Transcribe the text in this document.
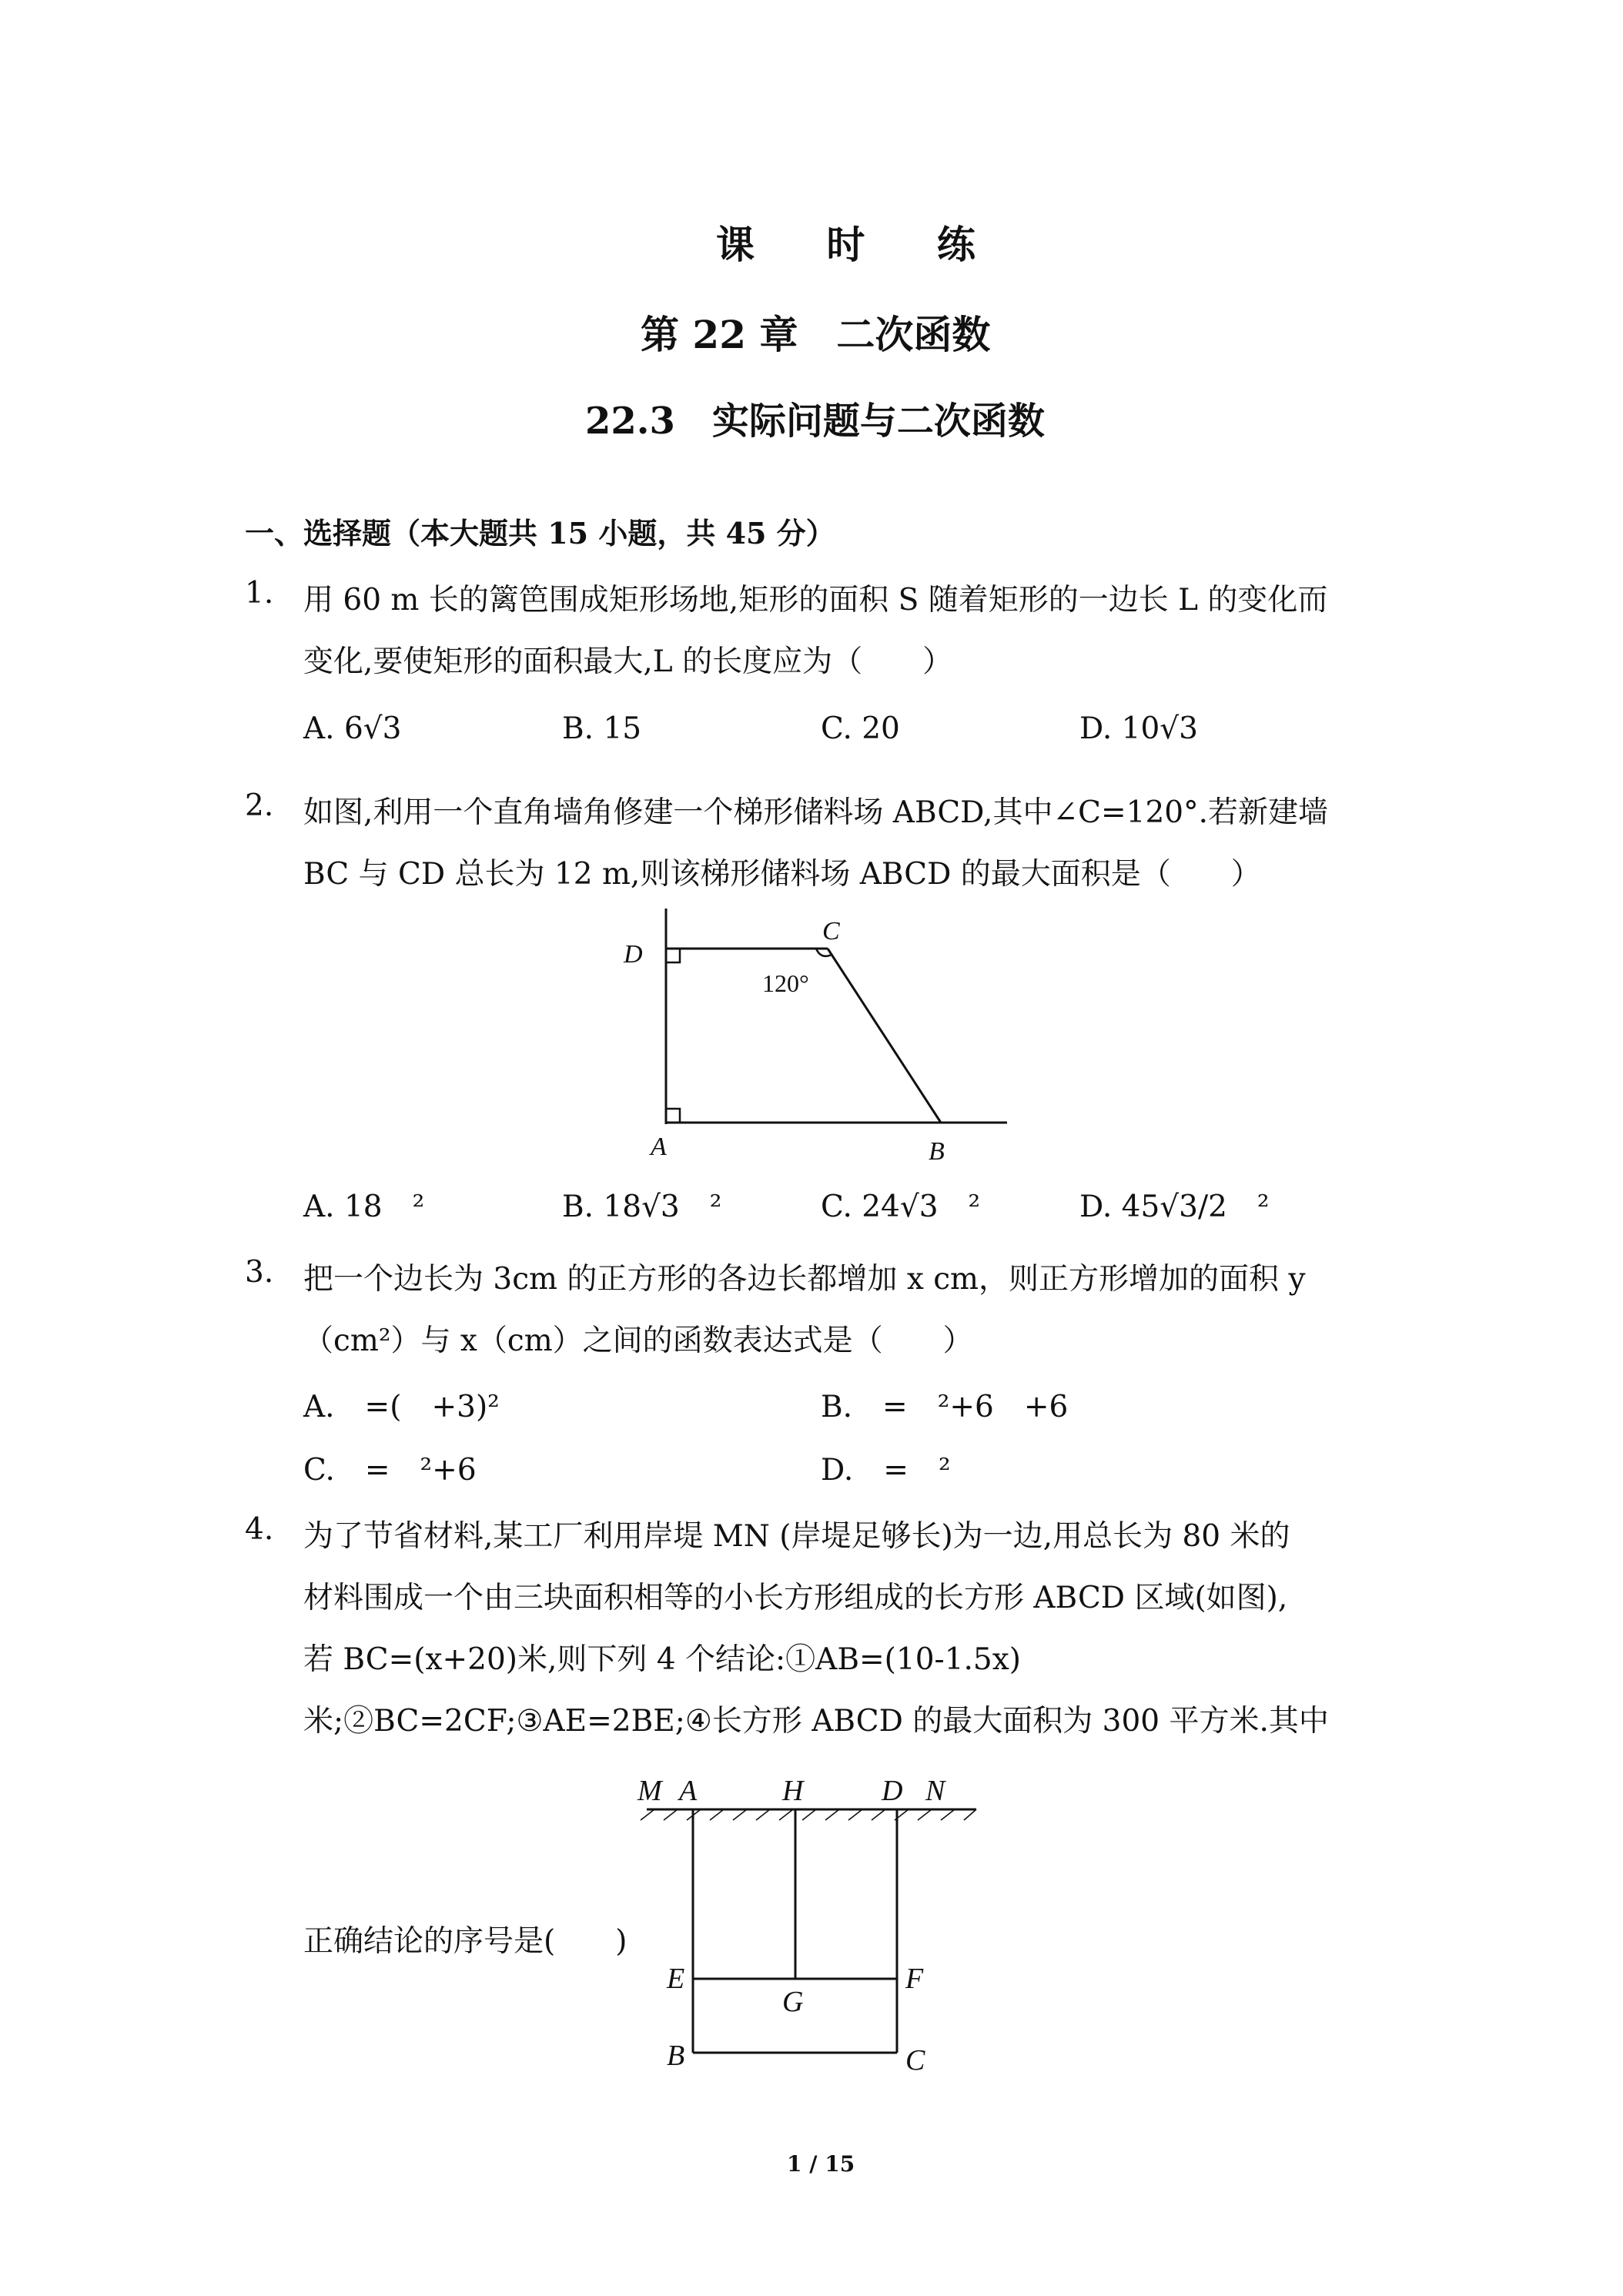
课 时 练
第 22 章　二次函数
22.3　实际问题与二次函数
一、选择题（本大题共 15 小题，共 45 分）
1. 用 60 m 长的篱笆围成矩形场地,矩形的面积 S 随着矩形的一边长 L 的变化而
变化,要使矩形的面积最大,L 的长度应为（　　）
A. 6√3	B. 15	C. 20	D. 10√3
2. 如图,利用一个直角墙角修建一个梯形储料场 ABCD,其中∠C=120°.若新建墙
BC 与 CD 总长为 12 m,则该梯形储料场 ABCD 的最大面积是（　　）
D
C
120°
A	B
A. 18　²	B. 18√3　²	C. 24√3　²	D. 45√3/2　²
3. 把一个边长为 3cm 的正方形的各边长都增加 x cm，则正方形增加的面积 y
（cm²）与 x（cm）之间的函数表达式是（　　）
A.　=(　+3)²	B.　=　²+6　+6
C.　=　²+6	D.　=　²
4. 为了节省材料,某工厂利用岸堤 MN (岸堤足够长)为一边,用总长为 80 米的
材料围成一个由三块面积相等的小长方形组成的长方形 ABCD 区域(如图),
若 BC=(x+20)米,则下列 4 个结论:①AB=(10-1.5x)
米;②BC=2CF;③AE=2BE;④长方形 ABCD 的最大面积为 300 平方米.其中
正确结论的序号是(　　)
M A	H	D N
E
G
F
B	C
1 / 15
